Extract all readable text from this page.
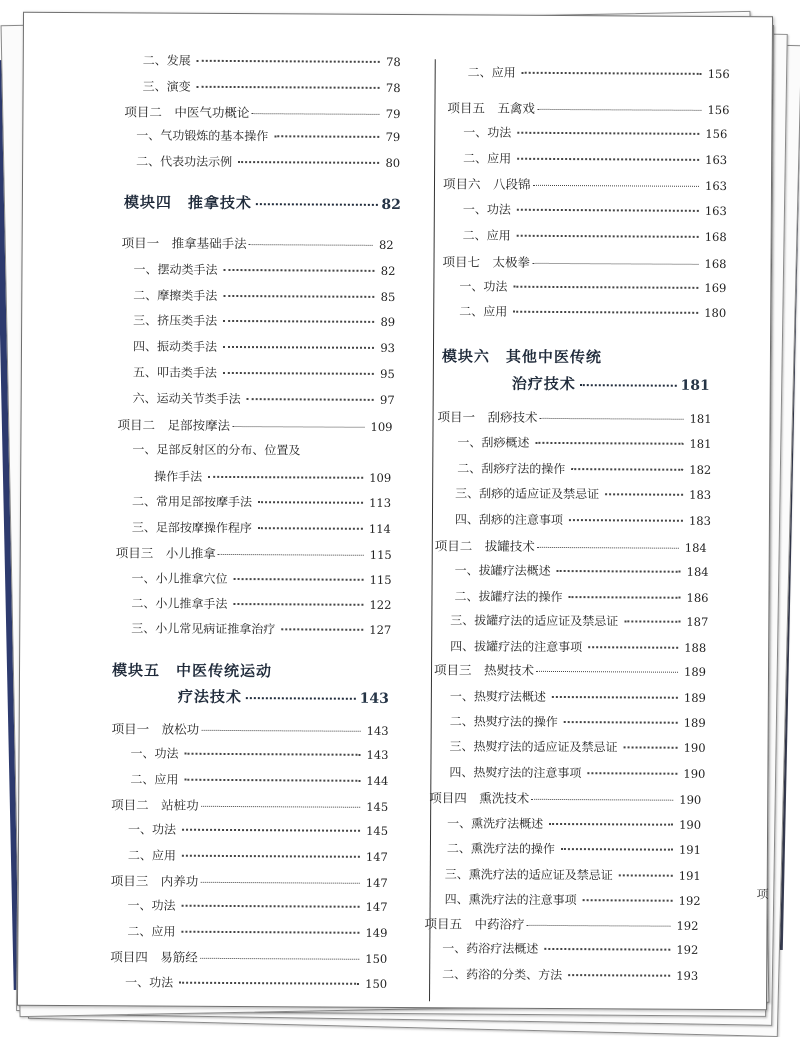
二、发展	78
三、演变	78
项目二　中医气功概论	79
一、气功锻炼的基本操作	79
二、代表功法示例	80
模块四　推拿技术	82
项目一　推拿基础手法	82
一、摆动类手法	82
二、摩擦类手法	85
三、挤压类手法	89
四、振动类手法	93
五、叩击类手法	95
六、运动关节类手法	97
项目二　足部按摩法	109
一、足部反射区的分布、位置及
操作手法	109
二、常用足部按摩手法	113
三、足部按摩操作程序	114
项目三　小儿推拿	115
一、小儿推拿穴位	115
二、小儿推拿手法	122
三、小儿常见病证推拿治疗	127
模块五　中医传统运动
疗法技术	143
项目一　放松功	143
一、功法	143
二、应用	144
项目二　站桩功	145
一、功法	145
二、应用	147
项目三　内养功	147
一、功法	147
二、应用	149
项目四　易筋经	150
一、功法	150
二、应用	156
项目五　五禽戏	156
一、功法	156
二、应用	163
项目六　八段锦	163
一、功法	163
二、应用	168
项目七　太极拳	168
一、功法	169
二、应用	180
模块六　其他中医传统
治疗技术	181
项目一　刮痧技术	181
一、刮痧概述	181
二、刮痧疗法的操作	182
三、刮痧的适应证及禁忌证	183
四、刮痧的注意事项	183
项目二　拔罐技术	184
一、拔罐疗法概述	184
二、拔罐疗法的操作	186
三、拔罐疗法的适应证及禁忌证	187
四、拔罐疗法的注意事项	188
项目三　热熨技术	189
一、热熨疗法概述	189
二、热熨疗法的操作	189
三、热熨疗法的适应证及禁忌证	190
四、热熨疗法的注意事项	190
项目四　熏洗技术	190
一、熏洗疗法概述	190
二、熏洗疗法的操作	191
三、熏洗疗法的适应证及禁忌证	191
四、熏洗疗法的注意事项	192
项目五　中药浴疗	192
一、药浴疗法概述	192
二、药浴的分类、方法	193
项
